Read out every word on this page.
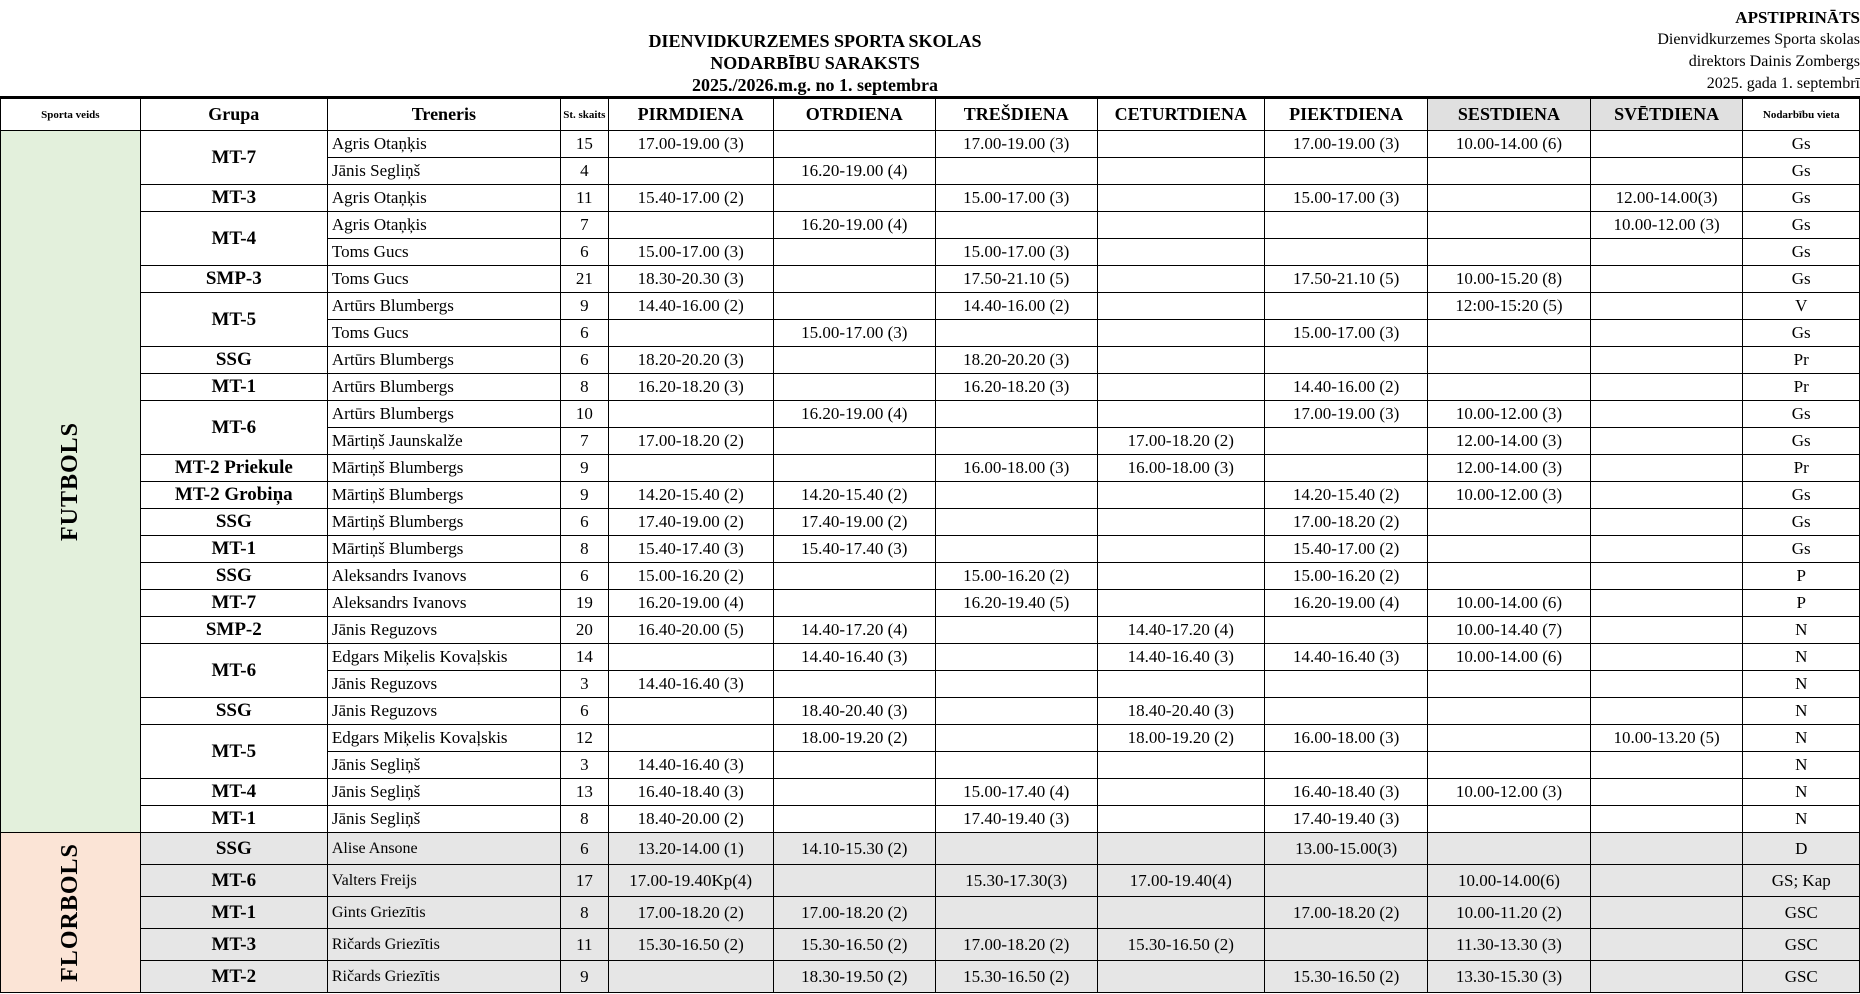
DIENVIDKURZEMES SPORTA SKOLAS
NODARBĪBU SARAKSTS
2025./2026.m.g. no 1. septembra
APSTIPRINĀTS
Dienvidkurzemes Sporta skolas
direktors Dainis Zombergs
2025. gada 1. septembrī
Sporta veids	Grupa	Treneris	St. skaits	PIRMDIENA	OTRDIENA	TREŠDIENA	CETURTDIENA	PIEKTDIENA	SESTDIENA	SVĒTDIENA	Nodarbību vieta
FUTBOLS	MT-7	Agris Otaņķis	15	17.00-19.00 (3)		17.00-19.00 (3)		17.00-19.00 (3)	10.00-14.00 (6)		Gs
		Jānis Segliņš	4		16.20-19.00 (4)						Gs
	MT-3	Agris Otaņķis	11	15.40-17.00 (2)		15.00-17.00 (3)		15.00-17.00 (3)		12.00-14.00(3)	Gs
	MT-4	Agris Otaņķis	7		16.20-19.00 (4)					10.00-12.00 (3)	Gs
		Toms Gucs	6	15.00-17.00 (3)		15.00-17.00 (3)					Gs
	SMP-3	Toms Gucs	21	18.30-20.30 (3)		17.50-21.10 (5)		17.50-21.10 (5)	10.00-15.20 (8)		Gs
	MT-5	Artūrs Blumbergs	9	14.40-16.00 (2)		14.40-16.00 (2)			12:00-15:20 (5)		V
		Toms Gucs	6		15.00-17.00 (3)			15.00-17.00 (3)			Gs
	SSG	Artūrs Blumbergs	6	18.20-20.20 (3)		18.20-20.20 (3)					Pr
	MT-1	Artūrs Blumbergs	8	16.20-18.20 (3)		16.20-18.20 (3)		14.40-16.00 (2)			Pr
	MT-6	Artūrs Blumbergs	10		16.20-19.00 (4)			17.00-19.00 (3)	10.00-12.00 (3)		Gs
		Mārtiņš Jaunskalže	7	17.00-18.20 (2)			17.00-18.20 (2)		12.00-14.00 (3)		Gs
	MT-2 Priekule	Mārtiņš Blumbergs	9			16.00-18.00 (3)	16.00-18.00 (3)		12.00-14.00 (3)		Pr
	MT-2 Grobiņa	Mārtiņš Blumbergs	9	14.20-15.40 (2)	14.20-15.40 (2)			14.20-15.40 (2)	10.00-12.00 (3)		Gs
	SSG	Mārtiņš Blumbergs	6	17.40-19.00 (2)	17.40-19.00 (2)			17.00-18.20 (2)			Gs
	MT-1	Mārtiņš Blumbergs	8	15.40-17.40 (3)	15.40-17.40 (3)			15.40-17.00 (2)			Gs
	SSG	Aleksandrs Ivanovs	6	15.00-16.20 (2)		15.00-16.20 (2)		15.00-16.20 (2)			P
	MT-7	Aleksandrs Ivanovs	19	16.20-19.00 (4)		16.20-19.40 (5)		16.20-19.00 (4)	10.00-14.00 (6)		P
	SMP-2	Jānis Reguzovs	20	16.40-20.00 (5)	14.40-17.20 (4)		14.40-17.20 (4)		10.00-14.40 (7)		N
	MT-6	Edgars Miķelis Kovaļskis	14		14.40-16.40 (3)		14.40-16.40 (3)	14.40-16.40 (3)	10.00-14.00 (6)		N
		Jānis Reguzovs	3	14.40-16.40 (3)							N
	SSG	Jānis Reguzovs	6		18.40-20.40 (3)		18.40-20.40 (3)				N
	MT-5	Edgars Miķelis Kovaļskis	12		18.00-19.20 (2)		18.00-19.20 (2)	16.00-18.00 (3)		10.00-13.20 (5)	N
		Jānis Segliņš	3	14.40-16.40 (3)							N
	MT-4	Jānis Segliņš	13	16.40-18.40 (3)		15.00-17.40 (4)		16.40-18.40 (3)	10.00-12.00 (3)		N
	MT-1	Jānis Segliņš	8	18.40-20.00 (2)		17.40-19.40 (3)		17.40-19.40 (3)			N
FLORBOLS	SSG	Alise Ansone	6	13.20-14.00 (1)	14.10-15.30 (2)			13.00-15.00(3)			D
	MT-6	Valters Freijs	17	17.00-19.40Kp(4)		15.30-17.30(3)	17.00-19.40(4)		10.00-14.00(6)		GS; Kap
	MT-1	Gints Griezītis	8	17.00-18.20 (2)	17.00-18.20 (2)			17.00-18.20 (2)	10.00-11.20 (2)		GSC
	MT-3	Ričards Griezītis	11	15.30-16.50 (2)	15.30-16.50 (2)	17.00-18.20 (2)	15.30-16.50 (2)		11.30-13.30 (3)		GSC
	MT-2	Ričards Griezītis	9		18.30-19.50 (2)	15.30-16.50 (2)		15.30-16.50 (2)	13.30-15.30 (3)		GSC
